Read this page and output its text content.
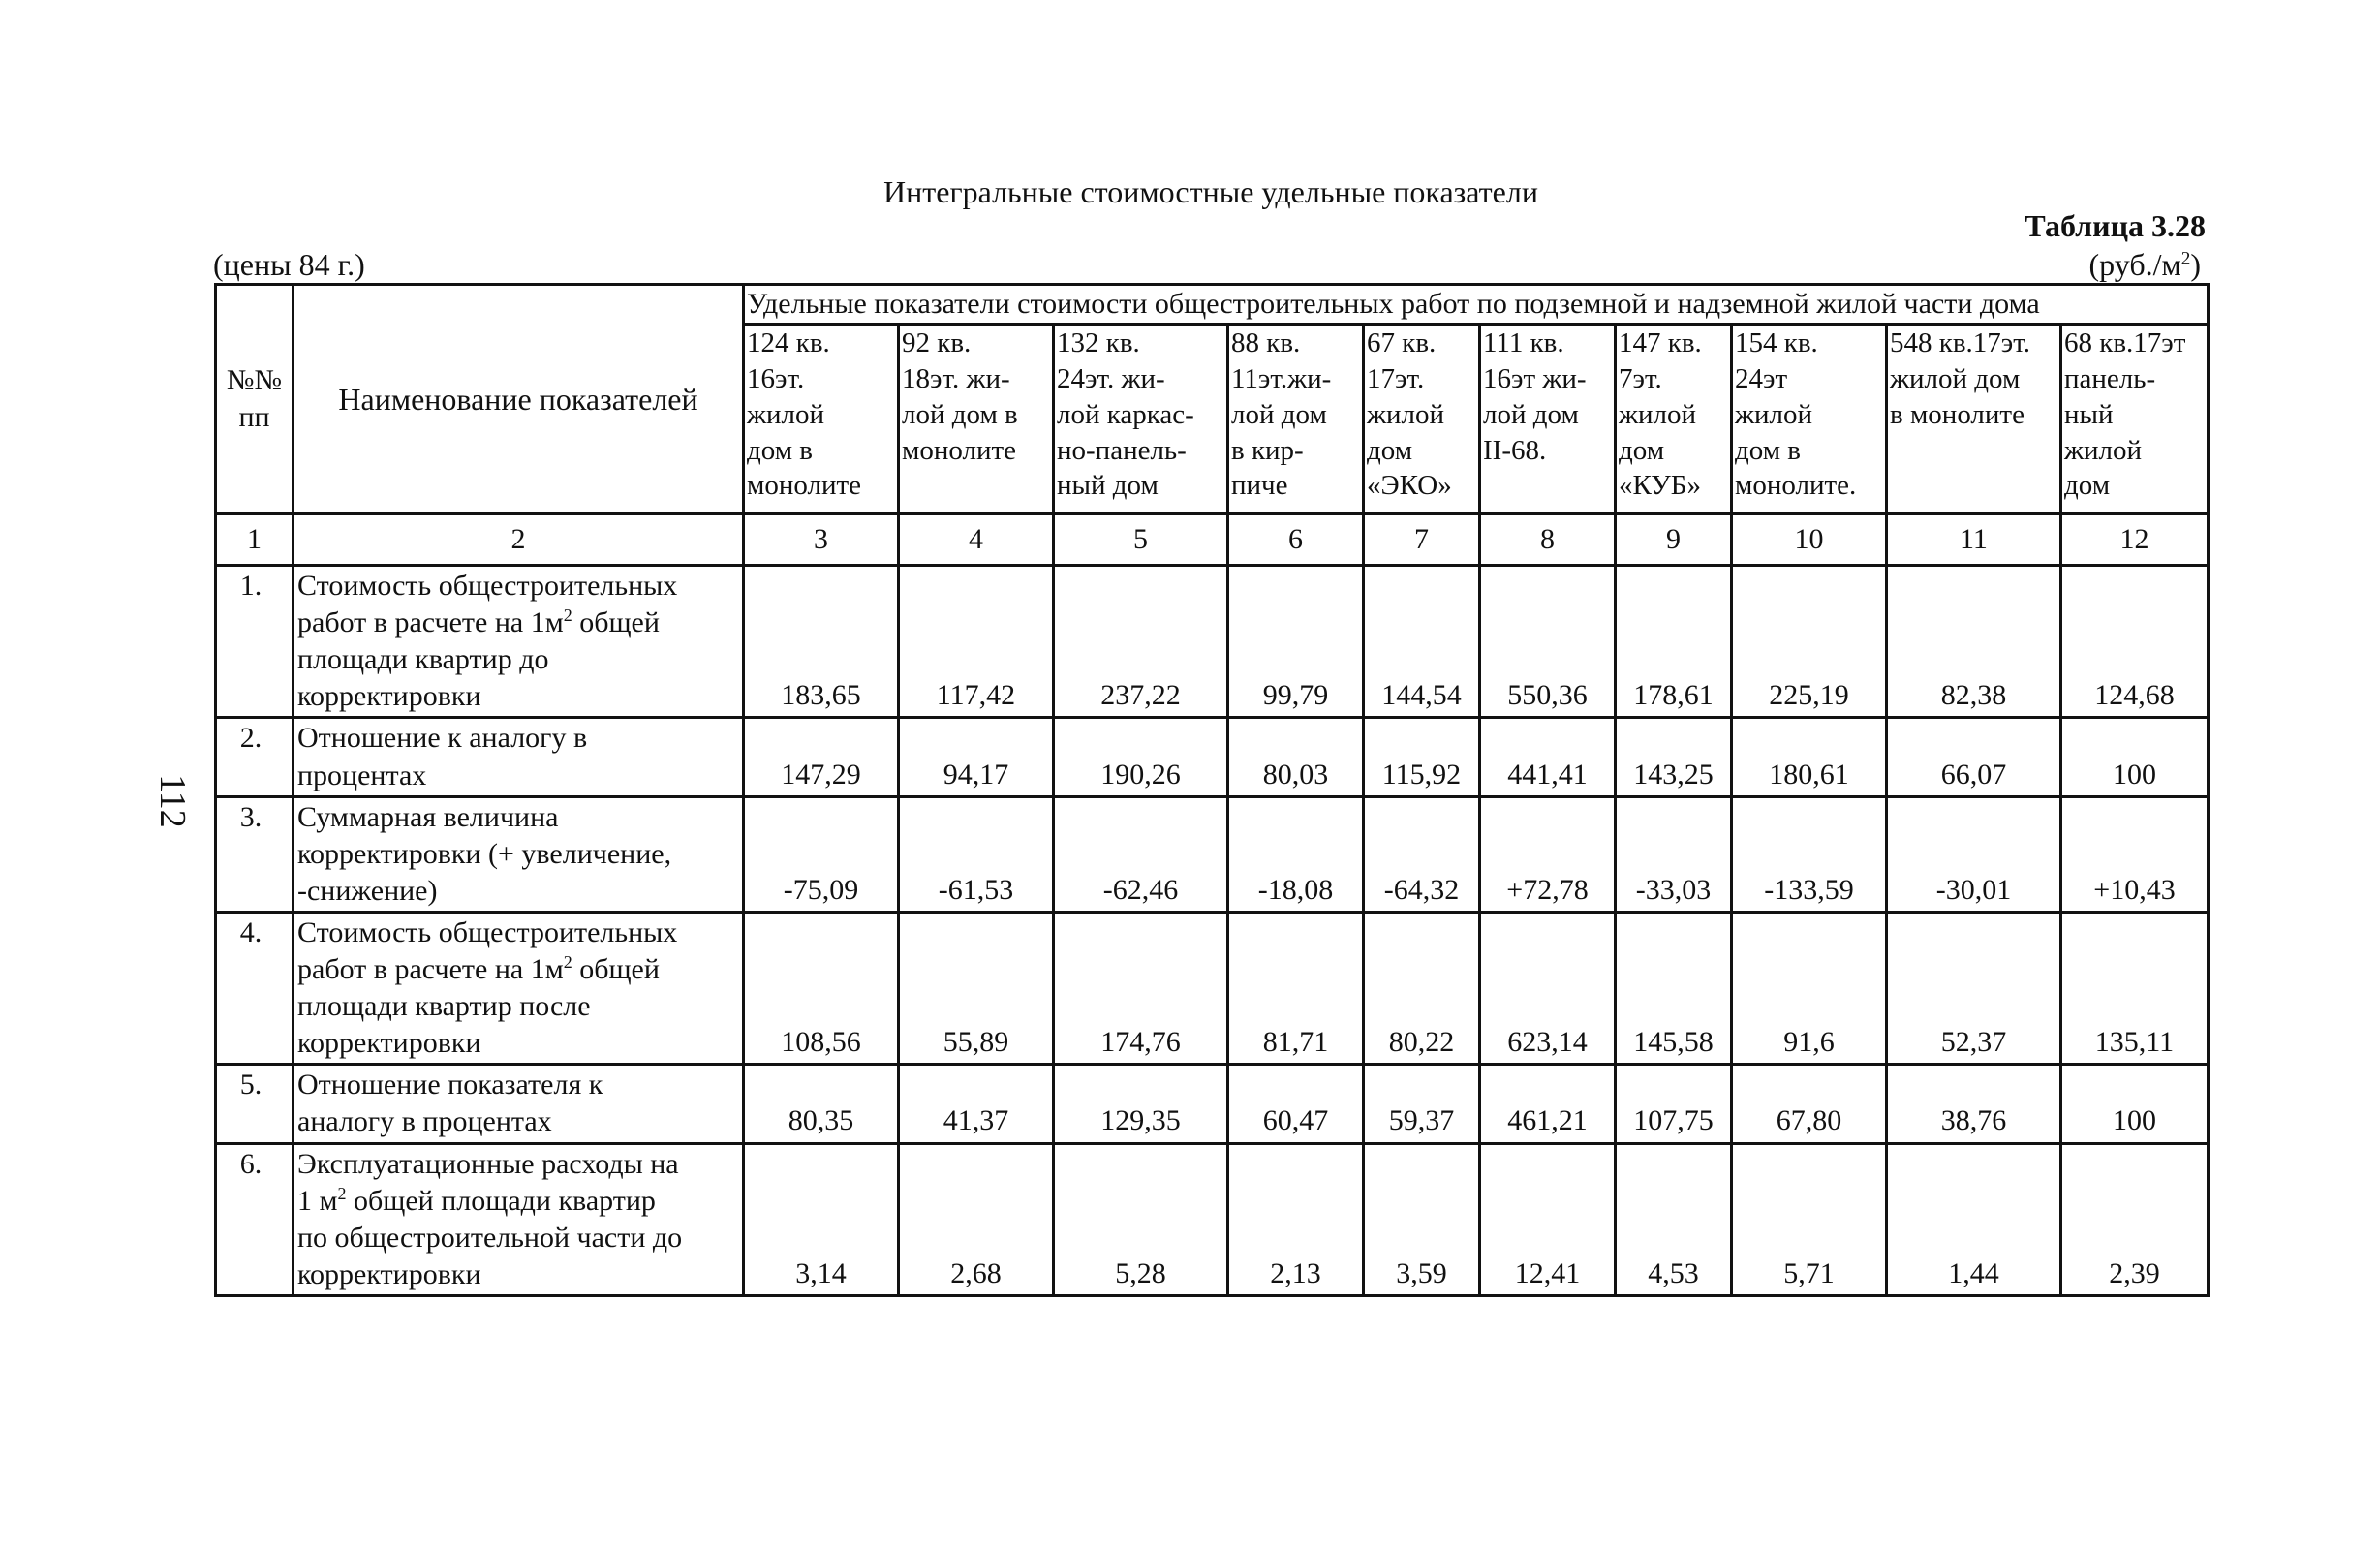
Интегральные стоимостные удельные показатели
Таблица 3.28
(цены 84 г.)	$(руб./м^2)$
112
№№
пп	Наименование показателей	Удельные показатели стоимости общестроительных работ по подземной и надземной жилой части дома									
		124 кв.
16эт.
жилой
дом в
монолите	92 кв.
18эт. жи-
лой дом в
монолите	132 кв.
24эт. жи-
лой каркас-
но-панель-
ный дом	88 кв.
11эт.жи-
лой дом
в кир-
пиче	67 кв.
17эт.
жилой
дом
«ЭКО»	111 кв.
16эт жи-
лой дом
II-68.	147 кв.
7эт.
жилой
дом
«КУБ»	154 кв.
24эт
жилой
дом в
монолите.	548 кв.17эт.
жилой дом
в монолите	68 кв.17эт
панель-
ный
жилой
дом
1	2	3	4	5	6	7	8	9	10	11	12
1.	Стоимость общестроительных
работ в расчете на $1м^2$ общей
площади квартир до
корректировки	183,65	117,42	237,22	99,79	144,54	550,36	178,61	225,19	82,38	124,68
2.	Отношение к аналогу в
процентах	147,29	94,17	190,26	80,03	115,92	441,41	143,25	180,61	66,07	100
3.	Суммарная величина
корректировки (+ увеличение,
-снижение)	-75,09	-61,53	-62,46	-18,08	-64,32	+72,78	-33,03	-133,59	-30,01	+10,43
4.	Стоимость общестроительных
работ в расчете на $1м^2$ общей
площади квартир после
корректировки	108,56	55,89	174,76	81,71	80,22	623,14	145,58	91,6	52,37	135,11
5.	Отношение показателя к
аналогу в процентах	80,35	41,37	129,35	60,47	59,37	461,21	107,75	67,80	38,76	100
6.	Эксплуатационные расходы на
1 $м^2$ общей площади квартир
по общестроительной части до
корректировки	3,14	2,68	5,28	2,13	3,59	12,41	4,53	5,71	1,44	2,39
